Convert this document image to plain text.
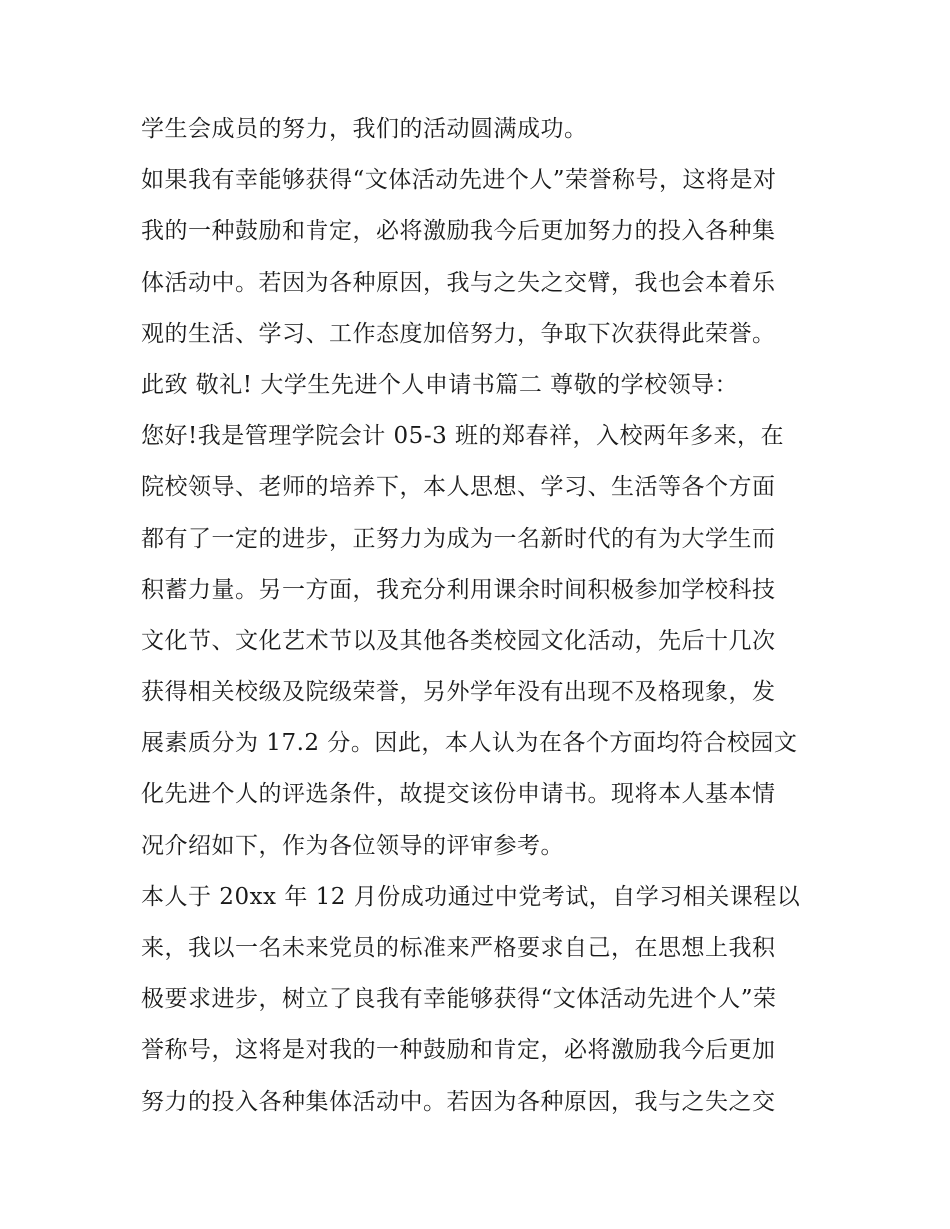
学生会成员的努力，我们的活动圆满成功。
如果我有幸能够获得“文体活动先进个人”荣誉称号，这将是对
我的一种鼓励和肯定，必将激励我今后更加努力的投入各种集
体活动中。若因为各种原因，我与之失之交臂，我也会本着乐
观的生活、学习、工作态度加倍努力，争取下次获得此荣誉。
此致 敬礼! 大学生先进个人申请书篇二 尊敬的学校领导：
您好!我是管理学院会计 05-3 班的郑春祥，入校两年多来，在
院校领导、老师的培养下，本人思想、学习、生活等各个方面
都有了一定的进步，正努力为成为一名新时代的有为大学生而
积蓄力量。另一方面，我充分利用课余时间积极参加学校科技
文化节、文化艺术节以及其他各类校园文化活动，先后十几次
获得相关校级及院级荣誉，另外学年没有出现不及格现象，发
展素质分为 17.2 分。因此，本人认为在各个方面均符合校园文
化先进个人的评选条件，故提交该份申请书。现将本人基本情
况介绍如下，作为各位领导的评审参考。
本人于 20xx 年 12 月份成功通过中党考试，自学习相关课程以
来，我以一名未来党员的标准来严格要求自己，在思想上我积
极要求进步，树立了良我有幸能够获得“文体活动先进个人”荣
誉称号，这将是对我的一种鼓励和肯定，必将激励我今后更加
努力的投入各种集体活动中。若因为各种原因，我与之失之交
